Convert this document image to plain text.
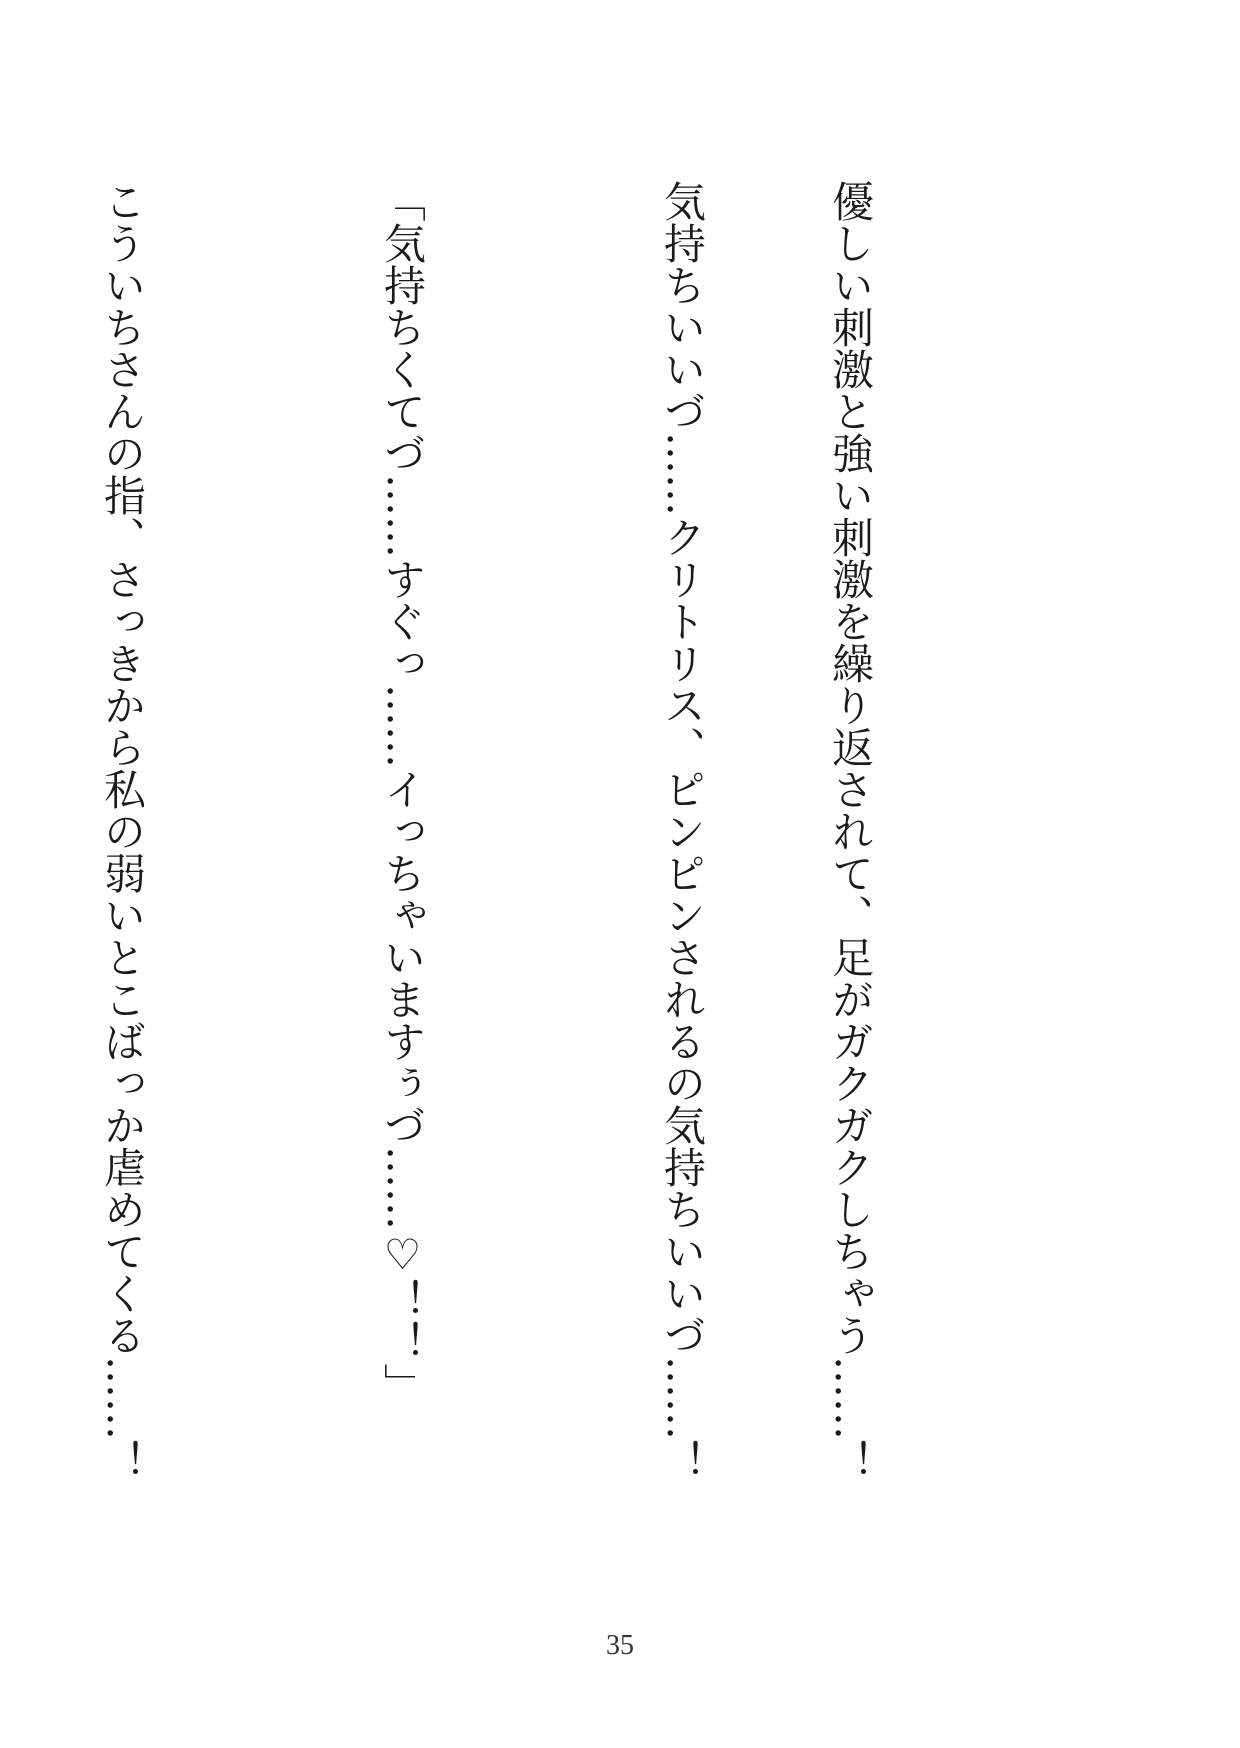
優しい刺激と強い刺激を繰り返されて、足がガクガクしちゃう……！

気持ちいいづ……クリトリス、ピンピンされるの気持ちいいづ……！

「気持ちくてづ……すぐっ……イっちゃいますぅづ……♡！！」

こういちさんの指、さっきから私の弱いとこばっか虐めてくる……！

35
